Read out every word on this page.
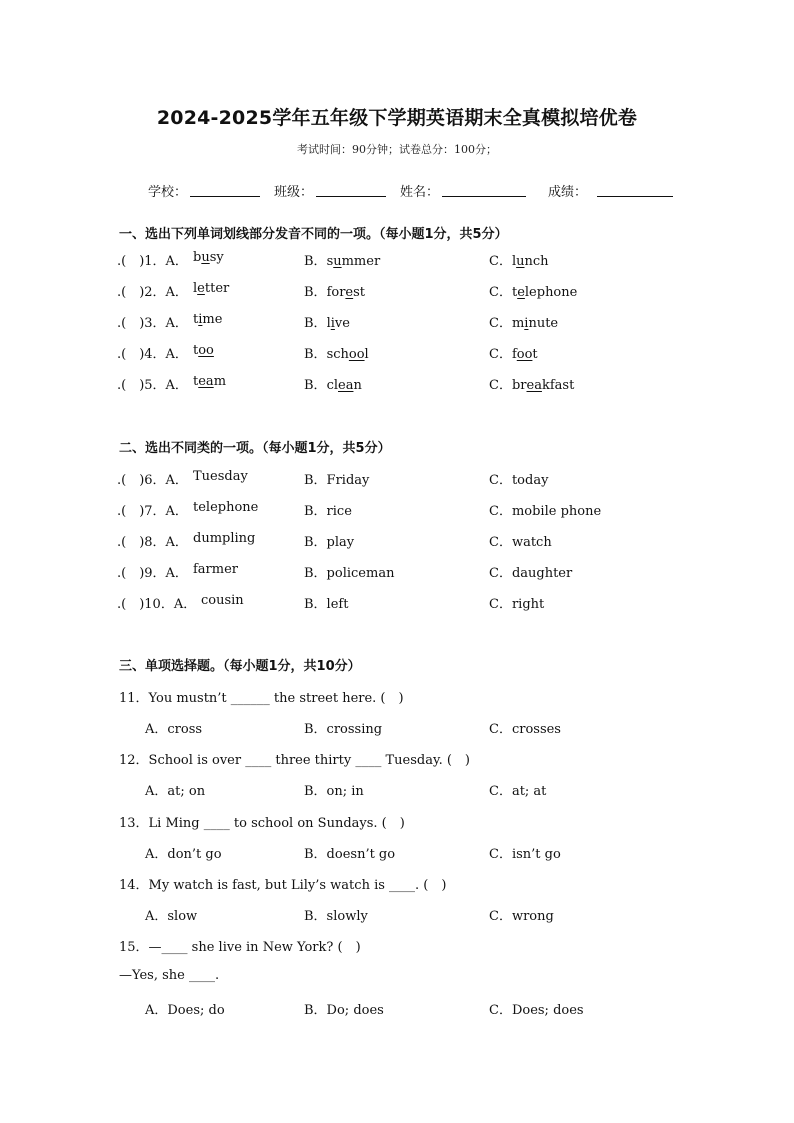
2024-2025学年五年级下学期英语期末全真模拟培优卷
考试时间：90分钟；试卷总分：100分；
学校：	班级：	姓名：	成绩：
一、选出下列单词划线部分发音不同的一项。（每小题1分，共5分）
.(　)1．A． busy	B．summer	C．lunch
.(　)2．A． letter	B．forest	C．telephone
.(　)3．A． time	B．live	C．minute
.(　)4．A． too	B．school	C．foot
.(　)5．A． team	B．clean	C．breakfast
二、选出不同类的一项。（每小题1分，共5分）
.(　)6．A． Tuesday	B．Friday	C．today
.(　)7．A． telephone	B．rice	C．mobile phone
.(　)8．A． dumpling	B．play	C．watch
.(　)9．A． farmer	B．policeman	C．daughter
.(　)10．A． cousin	B．left	C．right
三、单项选择题。（每小题1分，共10分）
11．You mustn’t ______ the street here. (　)
A．cross	B．crossing	C．crosses
12．School is over ____ three thirty ____ Tuesday. (　)
A．at; on	B．on; in	C．at; at
13．Li Ming ____ to school on Sundays. (　)
A．don’t go	B．doesn’t go	C．isn’t go
14．My watch is fast, but Lily’s watch is ____. (　)
A．slow	B．slowly	C．wrong
15．—____ she live in New York? (　)
—Yes, she ____.
A．Does; do	B．Do; does	C．Does; does
